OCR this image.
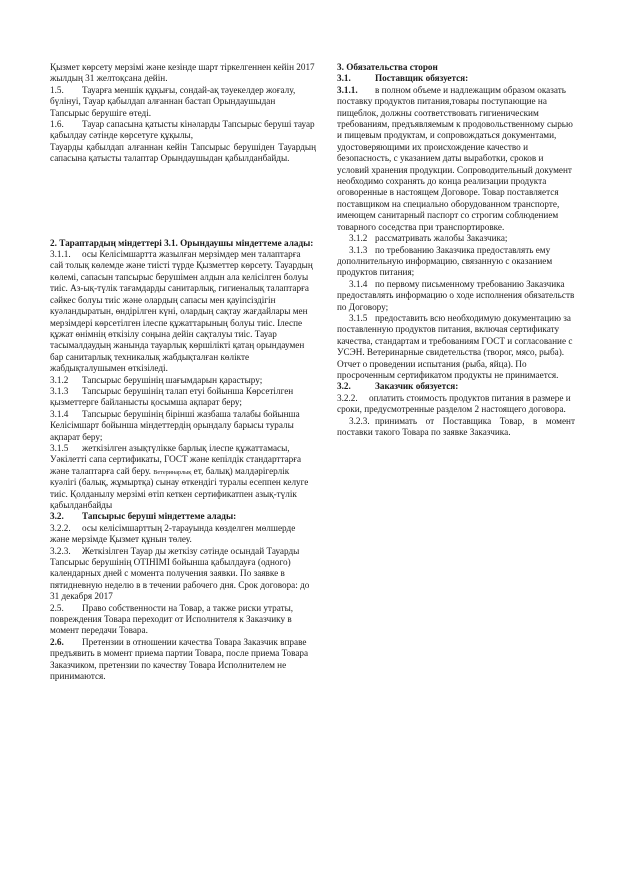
Қызмет көрсету мерзімі және кезінде шарт тіркелгеннен кейін 2017 жылдың 31 желтоқсана дейін.

1.5. Тауарға меншік құқығы, сондай-ақ тәуекелдер жоғалу, бүлінуі, Тауар қабылдап алғаннан бастап Орындаушыдан Тапсырыс берушіге өтеді.

1.6. Тауар сапасына қатысты кінәларды Тапсырыс беруші тауар қабылдау сәтінде көрсетуге құқылы,

Тауарды қабылдап алғаннан кейін Тапсырыс берушіден Тауардың сапасына қатысты талаптар Орындаушыдан қабылданбайды.

2. Тараптардың міндеттері 3.1. Орындаушы міндеттеме алады:

3.1.1. осы Келісімшартта жазылған мерзімдер мен талаптарға сай толық көлемде және тиісті түрде Қызметтер көрсету. Тауардың көлемі, сапасын тапсырыс берушімен алдын ала келісілген болуы тиіс. Аз-ық-түлік тағамдарды санитарлық, гигиеналық талаптарға сәйкес болуы тиіс және олардың сапасы мен қауіпсіздігін куәландыратын, өндірілген күні, олардың сақтау жағдайлары мен мерзімдері көрсетілген ілеспе құжаттарының болуы тиіс. Ілеспе құжат өнімнің өткізілу соңына дейін сақталуы тиіс. Тауар тасымалдаудың жанында тауарлық көршілікті қатаң орындаумен бар санитарлық техникалық жабдықталған көлікте жабдықталушымен өткізіледі.

3.1.2 Тапсырыс берушінің шағымдарын қарастыру;

3.1.3 Тапсырыс берушінің талап етуі бойынша Көрсетілген қызметтерге байланысты қосымша ақпарат беру;

3.1.4 Тапсырыс берушінің бірінші жазбаша талабы бойынша Келісімшарт бойынша міндеттердің орындалу барысы туралы ақпарат беру;

3.1.5 жеткізілген азықтүлікке барлық ілеспе құжаттамасы, Уәкілетті сапа сертификаты, ГОСТ және кепілдік стандарттарға және талаптарға сай беру. Ветеринарлық ет, балық) малдәрігерлік куәлігі (балық, жұмыртқа) сынау өткендігі туралы есеппен келуге тиіс. Қолданылу мерзімі өтіп кеткен сертификатпен азық-түлік қабылданбайды

3.2. Тапсырыс беруші міндеттеме алады:

3.2.2. осы келісімшарттың 2-тарауында көзделген мөлшерде және мерзімде Қызмет құнын төлеу.

3.2.3. Жеткізілген Тауар ды жеткізу сәтінде осындай Тауарды Тапсырыс берушінің ОТІНІМІ бойынша қабылдауға (одного) календарных дней с момента получения заявки. По заявке в пятидневную неделю в в течении рабочего дня. Срок договора: до 31 декабря 2017

2.5. Право собственности на Товар, а также риски утраты, повреждения Товара переходит от Исполнителя к Заказчику в момент передачи Товара.

2.6. Претензии в отношении качества Товара Заказчик вправе предъявить в момент приема партии Товара, после приема Товара Заказчиком, претензии по качеству Товара Исполнителем не принимаются.

3. Обязательства сторон

3.1.	Поставщик обязуется:

3.1.1. в полном объеме и надлежащим образом оказать поставку продуктов питания,товары поступающие на пищеблок, должны соответствовать гигиеническим требованиям, предъявляемым к продовольственному сырью и пищевым продуктам, и сопровождаться документами, удостоверяющими их происхождение качество и безопасность, с указанием даты выработки, сроков и условий хранения продукции. Сопроводительный документ необходимо сохранять до конца реализации продукта оговоренные в настоящем Договоре. Товар поставляется поставщиком на специально оборудованном транспорте, имеющем санитарный паспорт со строгим соблюдением товарного соседства при транспортировке.

3.1.2 рассматривать жалобы Заказчика;

3.1.3 по требованию Заказчика предоставлять ему дополнительную информацию, связанную с оказанием продуктов питания;

3.1.4 по первому письменному требованию Заказчика предоставлять информацию о ходе исполнения обязательств по Договору;

3.1.5 предоставить всю необходимую документацию за поставленную продуктов питания, включая сертификату качества, стандартам и требованиям ГОСТ и согласование с УСЭН. Ветеринарные свидетельства (творог, мясо, рыба). Отчет о проведении испытания (рыба, яйца). По просроченным сертификатом продукты не принимается.

3.2.	Заказчик обязуется:

3.2.2. оплатить стоимость продуктов питания в размере и сроки, предусмотренные разделом 2 настоящего договора.

3.2.3. принимать от Поставщика Товар, в момент поставки такого Товара по заявке Заказчика.
